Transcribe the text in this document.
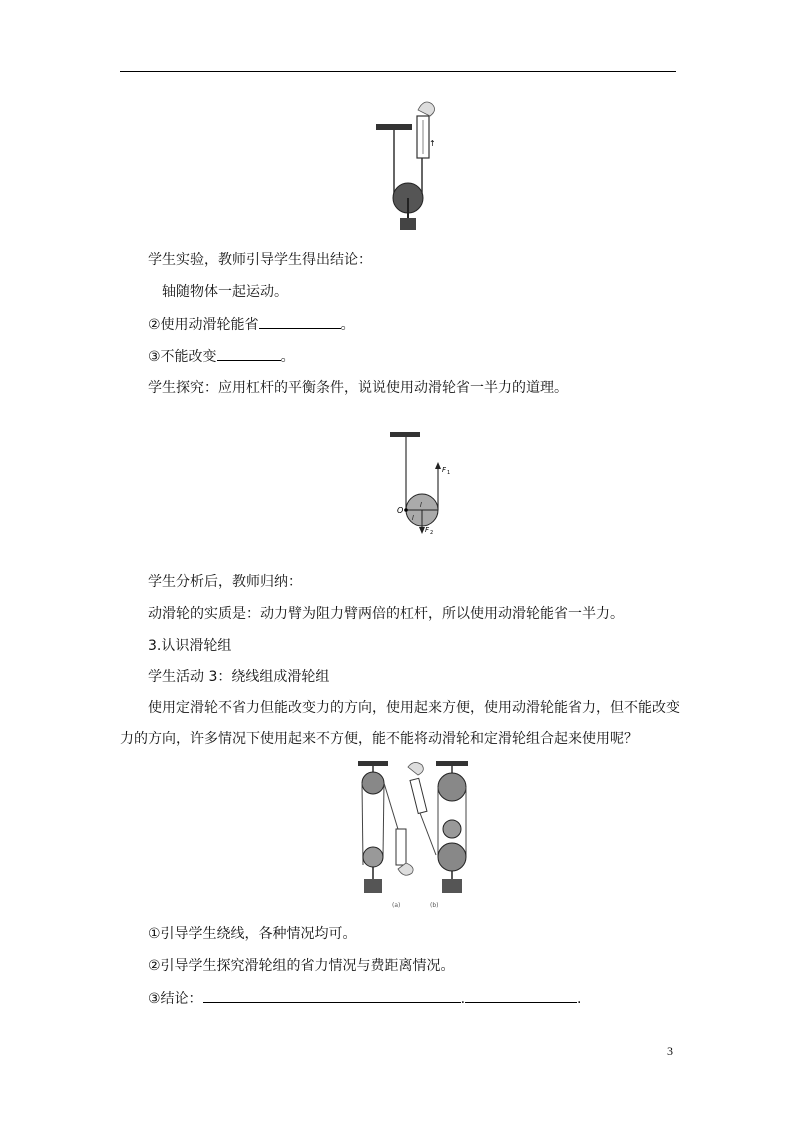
↑
学生实验，教师引导学生得出结论：
轴随物体一起运动。
②使用动滑轮能省	。
③不能改变	。
学生探究：应用杠杆的平衡条件，说说使用动滑轮省一半力的道理。
O
F 1
F 2
l
l
学生分析后，教师归纳：
动滑轮的实质是：动力臂为阻力臂两倍的杠杆，所以使用动滑轮能省一半力。
3.认识滑轮组
学生活动 3：绕线组成滑轮组
使用定滑轮不省力但能改变力的方向，使用起来方便，使用动滑轮能省力，但不能改变
力的方向，许多情况下使用起来不方便，能不能将动滑轮和定滑轮组合起来使用呢？
(a)	(b)
①引导学生绕线，各种情况均可。
②引导学生探究滑轮组的省力情况与费距离情况。
③结论：	.	.
3
